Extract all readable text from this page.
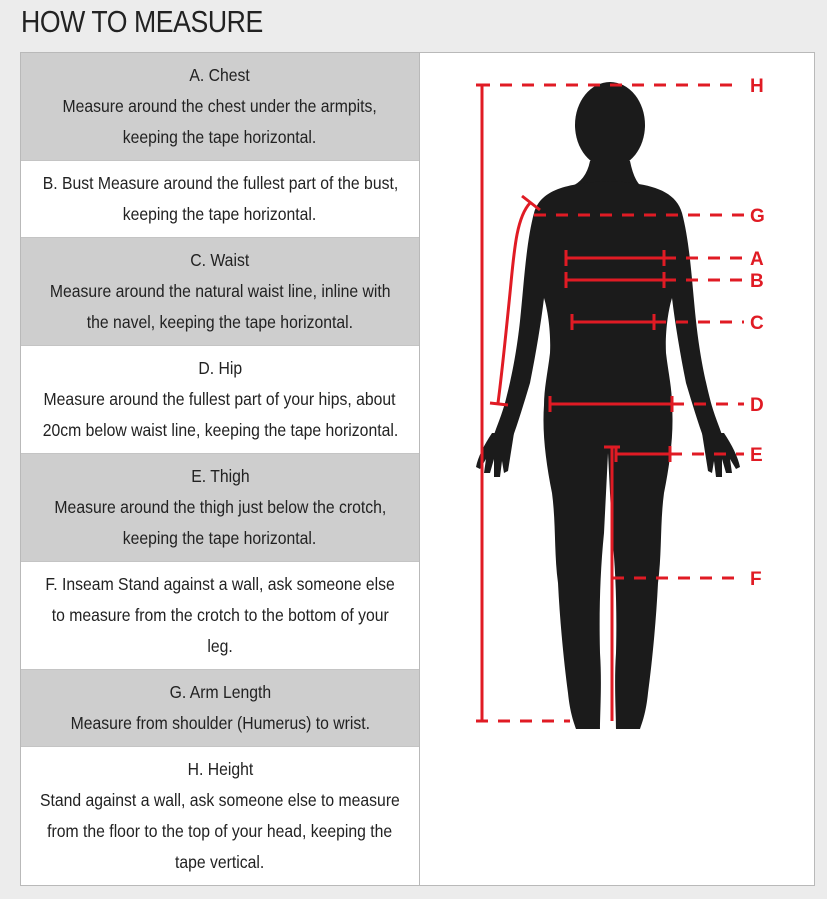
HOW TO MEASURE
A. Chest
Measure around the chest under the armpits,
keeping the tape horizontal.
B. Bust Measure around the fullest part of the bust,
keeping the tape horizontal.
C. Waist
Measure around the natural waist line, inline with
the navel, keeping the tape horizontal.
D. Hip
Measure around the fullest part of your hips, about
20cm below waist line, keeping the tape horizontal.
E. Thigh
Measure around the thigh just below the crotch,
keeping the tape horizontal.
F. Inseam Stand against a wall, ask someone else
to measure from the crotch to the bottom of your
leg.
G. Arm Length
Measure from shoulder (Humerus) to wrist.
H. Height
Stand against a wall, ask someone else to measure
from the floor to the top of your head, keeping the
tape vertical.
H
G
A
B
C
D
E
F
